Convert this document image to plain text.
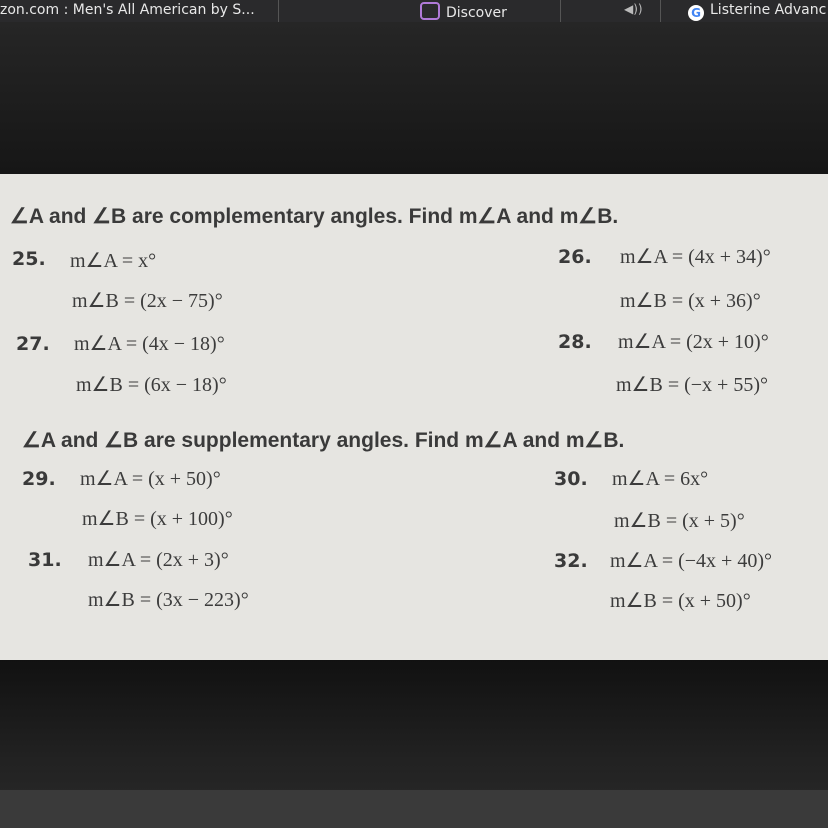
zon.com : Men's All American by S...	Discover	◀))	G Listerine Advanc
∠A and ∠B are complementary angles. Find m∠A and m∠B.
25. m∠A = x°
m∠B = (2x − 75)°
26. m∠A = (4x + 34)°
m∠B = (x + 36)°
27. m∠A = (4x − 18)°
m∠B = (6x − 18)°
28. m∠A = (2x + 10)°
m∠B = (−x + 55)°
∠A and ∠B are supplementary angles. Find m∠A and m∠B.
29. m∠A = (x + 50)°
m∠B = (x + 100)°
30. m∠A = 6x°
m∠B = (x + 5)°
31. m∠A = (2x + 3)°
m∠B = (3x − 223)°
32. m∠A = (−4x + 40)°
m∠B = (x + 50)°
